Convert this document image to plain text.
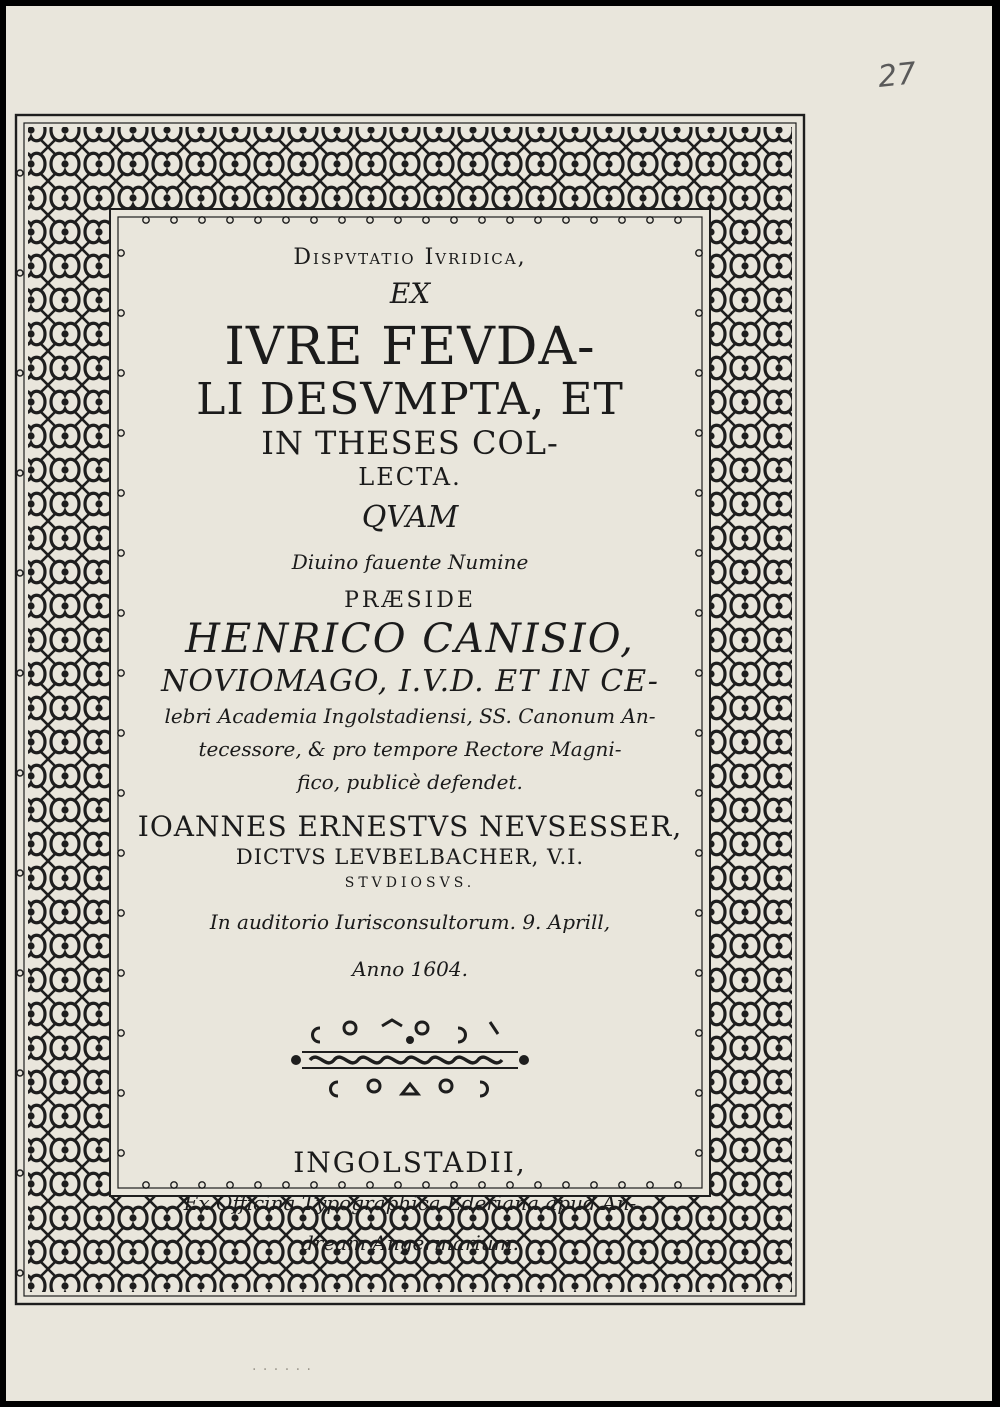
27
Dispvtatio Ivridica,
EX
IVRE FEVDA-
LI DESVMPTA, ET
IN THESES COL-
LECTA.
QVAM
Diuino fauente Numine
PRÆSIDE
HENRICO CANISIO,
NOVIOMAGO, I.V.D. ET IN CE-
lebri Academia Ingolstadiensi, SS. Canonum An-
tecessore, & pro tempore Rectore Magni-
fico, publicè defendet.
IOANNES ERNESTVS NEVSESSER,
DICTVS LEVBELBACHER, V.I.
STVDIOSVS.
In auditorio Iurisconsultorum. 9. Aprill,
Anno 1604.
INGOLSTADII,
Ex Officina Typographica Ederiana apud An-
dream Angermarium.
· · · · · ·
